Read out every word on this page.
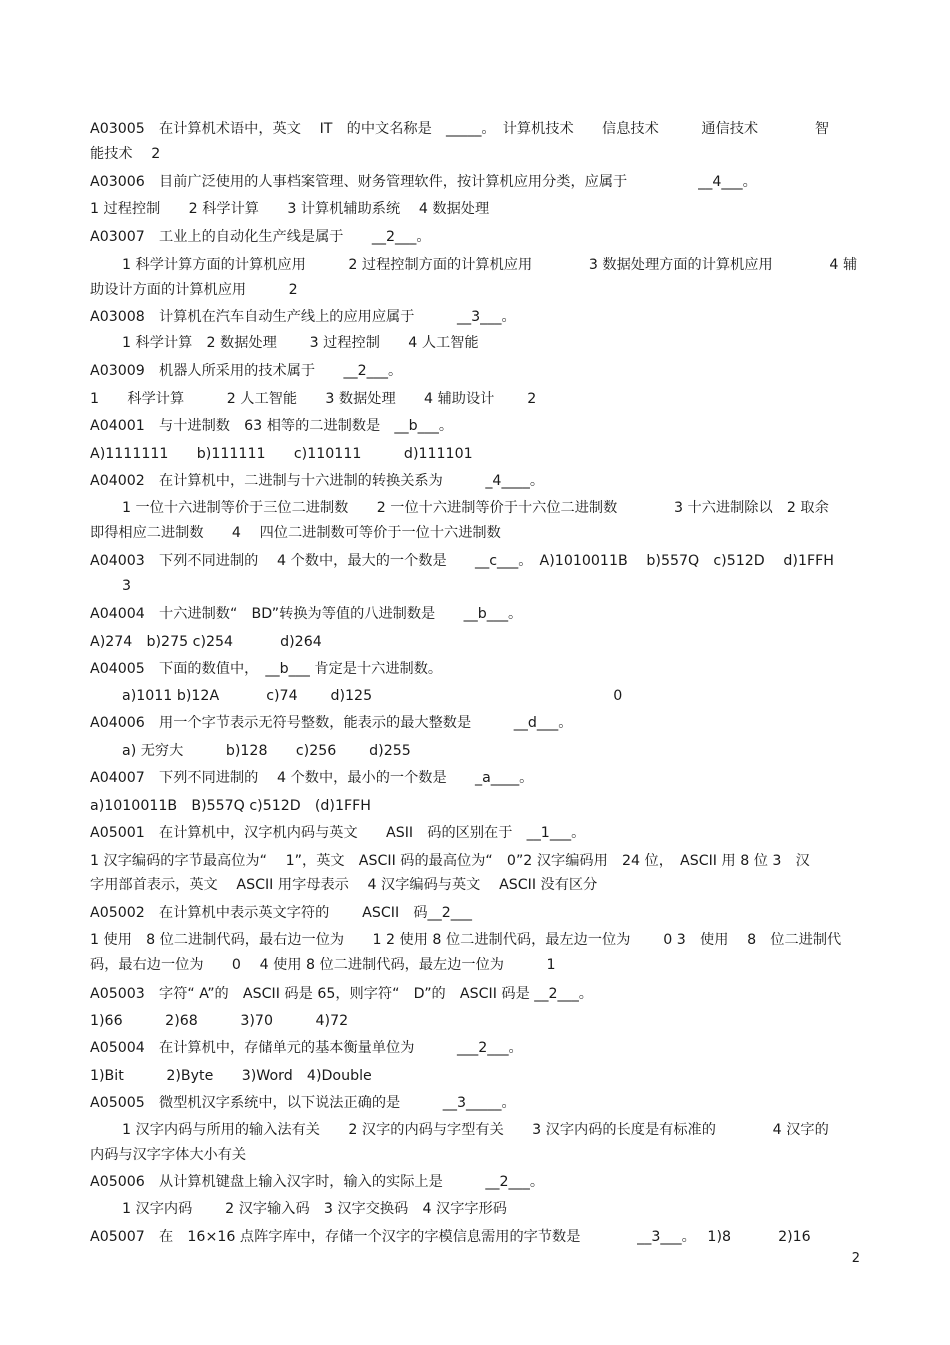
A03005　在计算机术语中，英文　 IT　的中文名称是　_____。　计算机技术　　信息技术　　　通信技术　　　　智
能技术　 2
A03006　目前广泛使用的人事档案管理、财务管理软件，按计算机应用分类，应属于　　　　　__4___。
1 过程控制　　2 科学计算　　3 计算机辅助系统　 4 数据处理
A03007　工业上的自动化生产线是属于　　__2___。
1 科学计算方面的计算机应用　　　2 过程控制方面的计算机应用　　　　3 数据处理方面的计算机应用　　　　4 辅
助设计方面的计算机应用　　　2
A03008　计算机在汽车自动生产线上的应用应属于　　　__3___。
1 科学计算　2 数据处理　　 3 过程控制　　4 人工智能
A03009　机器人所采用的技术属于　　__2___。
1　　科学计算　　　2 人工智能　　3 数据处理　　4 辅助设计　　 2
A04001　与十进制数　63 相等的二进制数是　__b___。
A)1111111　　b)111111　　c)110111　　　d)111101
A04002　在计算机中，二进制与十六进制的转换关系为　　　_4____。
1 一位十六进制等价于三位二进制数　　2 一位十六进制等价于十六位二进制数　　　　3 十六进制除以　2 取余
即得相应二进制数　　4　 四位二进制数可等价于一位十六进制数
A04003　下列不同进制的　 4 个数中，最大的一个数是　　__c___。　A)1010011B　 b)557Q　c)512D　 d)1FFH
3
A04004　十六进制数“　BD”转换为等值的八进制数是　　__b___。
A)274　b)275 c)254　　　 d)264
A04005　下面的数值中，　__b___ 肯定是十六进制数。
a)1011 b)12A　　　 c)74　　 d)125　　　　　　　　　　　　　　　　　0
A04006　用一个字节表示无符号整数，能表示的最大整数是　　　__d___。
a) 无穷大　　　b)128　　c)256　　 d)255
A04007　下列不同进制的　 4 个数中，最小的一个数是　　_a____。
a)1010011B　B)557Q c)512D　(d)1FFH
A05001　在计算机中，汉字机内码与英文　　ASII　码的区别在于　__1___。
1 汉字编码的字节最高位为“　 1”，英文　ASCII 码的最高位为“　0”2 汉字编码用　24 位，　ASCII 用 8 位 3　汉
字用部首表示，英文　 ASCII 用字母表示　 4 汉字编码与英文　 ASCII 没有区分
A05002　在计算机中表示英文字符的　　 ASCII　码__2___
1 使用　8 位二进制代码，最右边一位为　　1 2 使用 8 位二进制代码，最左边一位为　　 0 3　使用　 8　位二进制代
码，最右边一位为　　0　 4 使用 8 位二进制代码，最左边一位为　　　1
A05003　字符“ A”的　ASCII 码是 65，则字符“　D”的　ASCII 码是 __2___。
1)66　　　2)68　　　3)70　　　4)72
A05004　在计算机中，存储单元的基本衡量单位为　　　___2___。
1)Bit　　　2)Byte　　3)Word　4)Double
A05005　微型机汉字系统中，以下说法正确的是　　　__3_____。
1 汉字内码与所用的输入法有关　　2 汉字的内码与字型有关　　3 汉字内码的长度是有标准的　　　　4 汉字的
内码与汉字字体大小有关
A05006　从计算机键盘上输入汉字时，输入的实际上是　　　__2___。
1 汉字内码　　 2 汉字输入码　3 汉字交换码　4 汉字字形码
A05007　在　16×16 点阵字库中，存储一个汉字的字模信息需用的字节数是　　　　__3___。　 1)8　　　 2)16
2
